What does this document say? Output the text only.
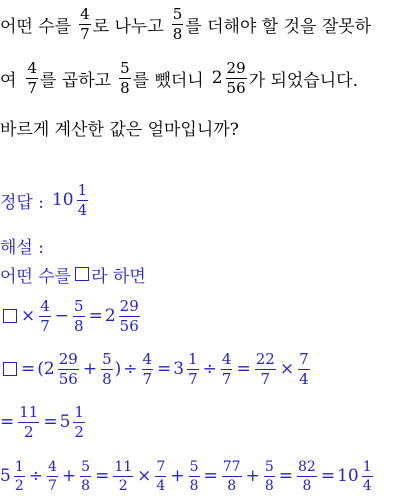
어떤 수를 $\frac{4}{7}$ 로 나누고 $\frac{5}{8}$ 를 더해야 할 것을 잘못하
여 $\frac{4}{7}$ 를 곱하고 $\frac{5}{8}$ 를 뺐더니 $2 \frac{29}{56}$ 가 되었습니다.
바르게 계산한 값은 얼마입니까?
정답 : $10 \frac{1}{4}$
해설 :
어떤 수를 라 하면
× $\frac{4}{7} - \frac{5}{8} = 2 \frac{29}{56}$
= ( $2 \frac{29}{56} + \frac{5}{8}$ ) ÷ $\frac{4}{7} = 3 \frac{1}{7} \div \frac{4}{7} = \frac{22}{7} \times \frac{7}{4}$
= $\frac{11}{2} = 5 \frac{1}{2}$
$5 \frac{1}{2} \div \frac{4}{7} + \frac{5}{8} = \frac{11}{2} \times \frac{7}{4} + \frac{5}{8} = \frac{77}{8} + \frac{5}{8} = \frac{82}{8} = 10 \frac{1}{4}$
